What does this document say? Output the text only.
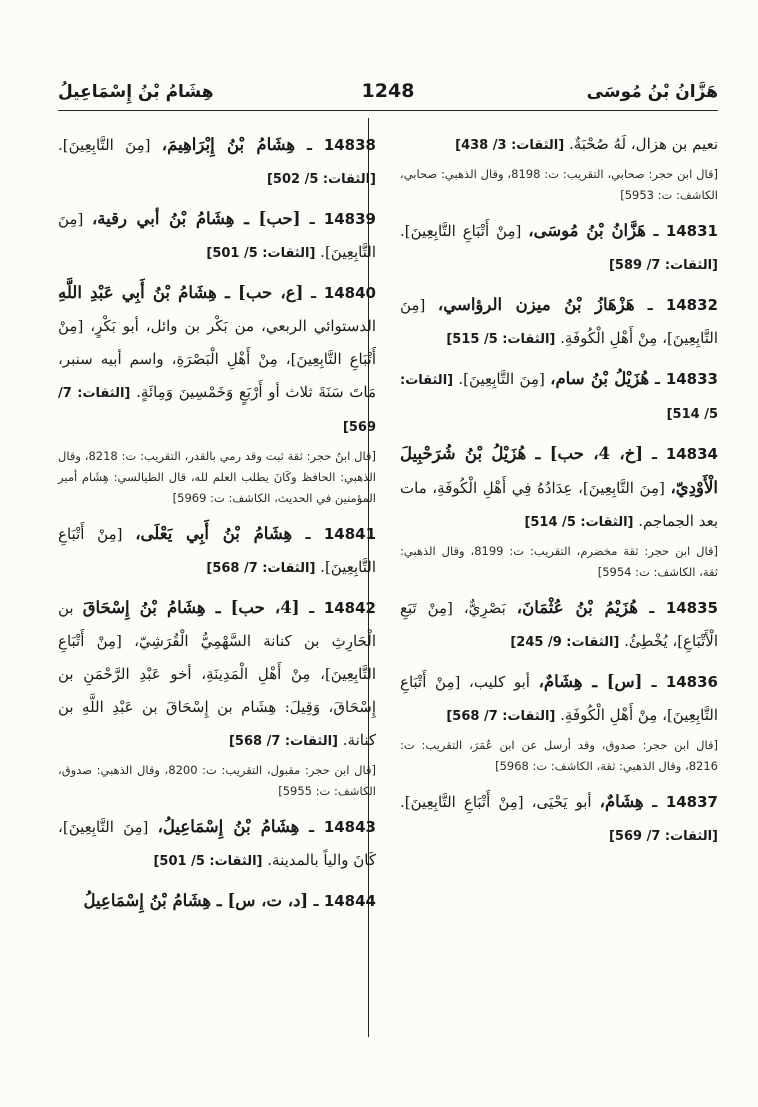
هَزَّانُ بْنُ مُوسَى
1248
هِشَامُ بْنُ إِسْمَاعِيلُ

نعيم بن هزال، لَهُ صُحْبَةٌ. [الثقات: 3/ 438]

[قال ابن حجر: صحابي، التقريب: ت: 8198، وقال الذهبي: صحابي، الكاشف: ت: 5953]

14831 ـ هَزَّانُ بْنُ مُوسَى، [مِنْ أَتْبَاعِ التَّابِعِينَ]. [الثقات: 7/ 589]

14832 ـ هَزْهَازُ بْنُ ميزن الرؤاسي، [مِنَ التَّابِعِينَ]، مِنْ أَهْلِ الْكُوفَةِ. [الثقات: 5/ 515]

14833 ـ هُزَيْلُ بْنُ سام، [مِنَ التَّابِعِينَ]. [الثقات: 5/ 514]

14834 ـ [خ، 4، حب] ـ هُزَيْلُ بْنُ شُرَحْبِيلَ الْأَوْدِيّ، [مِنَ التَّابِعِينَ]، عِدَادُهُ فِي أَهْلِ الْكُوفَةِ، مات بعد الجماجم. [الثقات: 5/ 514]

[قال ابن حجر: ثقة مخضرم، التقريب: ت: 8199، وقال الذهبي: ثقة، الكاشف: ت: 5954]

14835 ـ هُزَيْمُ بْنُ عُثْمَانَ، بَصْرِيٌّ، [مِنْ تَبَعِ الْأَتْبَاعِ]، يُخْطِئُ. [الثقات: 9/ 245]

14836 ـ [س] ـ هِشَامٌ، أبو كليب، [مِنْ أَتْبَاعِ التَّابِعِينَ]، مِنْ أَهْلِ الْكُوفَةِ. [الثقات: 7/ 568]

[قال ابن حجر: صدوق، وقد أرسل عن ابن عُمَرَ، التقريب: ت: 8216، وقال الذهبي: ثقة، الكاشف: ت: 5968]

14837 ـ هِشَامٌ، أبو يَحْيَى، [مِنْ أَتْبَاعِ التَّابِعِينَ]. [الثقات: 7/ 569]

14838 ـ هِشَامُ بْنُ إِبْرَاهِيمَ، [مِنَ التَّابِعِينَ]. [الثقات: 5/ 502]

14839 ـ [حب] ـ هِشَامُ بْنُ أبي رقية، [مِنَ التَّابِعِينَ]. [الثقات: 5/ 501]

14840 ـ [ع، حب] ـ هِشَامُ بْنُ أَبِي عَبْدِ اللَّهِ الدستوائي الربعي، من بَكْر بن وائل، أبو بَكْرٍ، [مِنْ أَتْبَاعِ التَّابِعِينَ]، مِنْ أَهْلِ الْبَصْرَةِ، واسم أبيه سنبر، مَاتَ سَنَةَ ثلاث أو أَرْبَعٍ وَخَمْسِينَ وَمِائَةٍ. [الثقات: 7/ 569]

[قال ابنُ حجر: ثقة ثبت وقد رمي بالقدر، التقريب: ت: 8218، وقال الذهبي: الحافظ وكَانَ يطلب العلم لله، قال الطيالسي: هِشَام أمير المؤمنين في الحديث، الكاشف: ت: 5969]

14841 ـ هِشَامُ بْنُ أَبِي يَعْلَى، [مِنْ أَتْبَاعِ التَّابِعِينَ]. [الثقات: 7/ 568]

14842 ـ [4، حب] ـ هِشَامُ بْنُ إِسْحَاقَ بن الْحَارِثِ بن كنانة السَّهْمِيُّ الْقُرَشِيّ، [مِنْ أَتْبَاعِ التَّابِعِينَ]، مِنْ أَهْلِ الْمَدِينَةِ، أخو عَبْدِ الرَّحْمَنِ بن إِسْحَاقَ، وَقِيلَ: هِشَام بن إِسْحَاقَ بن عَبْدِ اللَّهِ بن كنانة. [الثقات: 7/ 568]

[قال ابن حجر: مقبول، التقريب: ت: 8200، وقال الذهبي: صدوق، الكاشف: ت: 5955]

14843 ـ هِشَامُ بْنُ إِسْمَاعِيلُ، [مِنَ التَّابِعِينَ]، كَانَ والياً بالمدينة. [الثقات: 5/ 501]

14844 ـ [د، ت، س] ـ هِشَامُ بْنُ إِسْمَاعِيلُ
